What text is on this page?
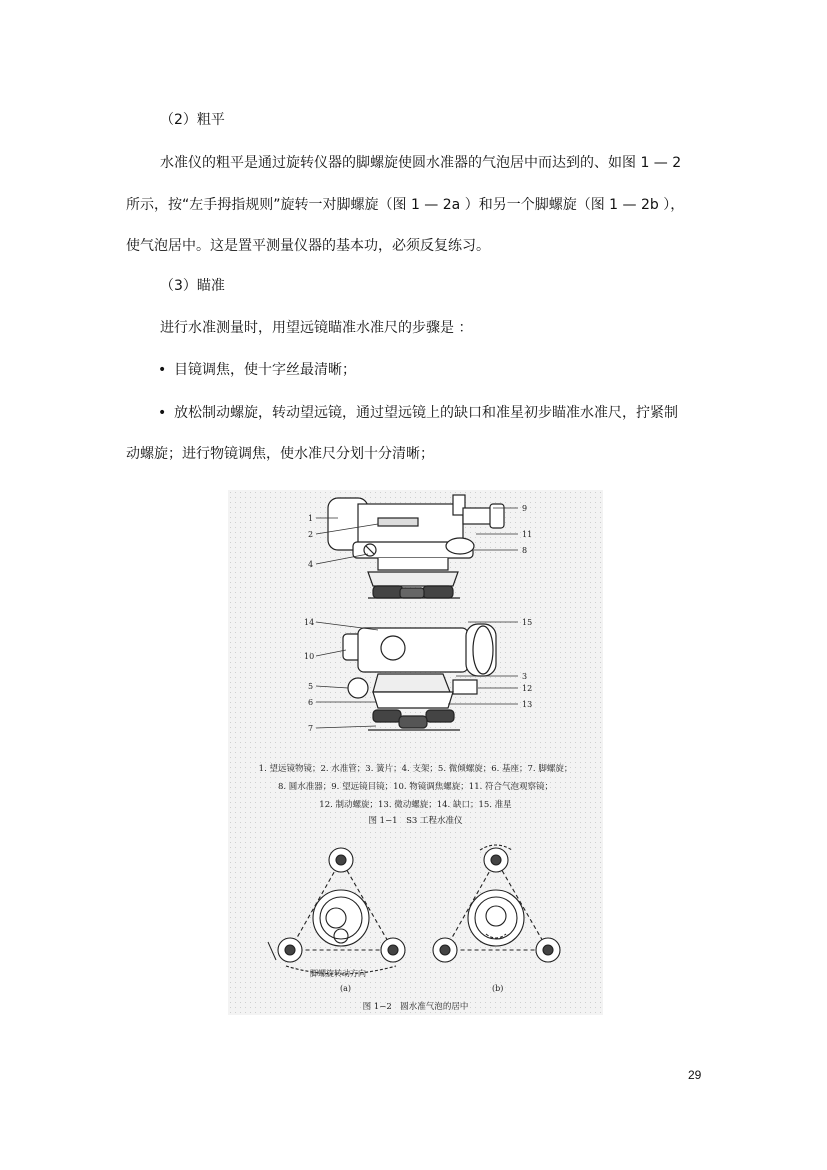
（2）粗平
水准仪的粗平是通过旋转仪器的脚螺旋使圆水准器的气泡居中而达到的、如图 1 — 2
所示，按“左手拇指规则”旋转一对脚螺旋（图 1 — 2a ）和另一个脚螺旋（图 1 — 2b ），
使气泡居中。这是置平测量仪器的基本功，必须反复练习。
（3）瞄准
进行水准测量时，用望远镜瞄准水准尺的步骤是 ：
• 目镜调焦，使十字丝最清晰；
• 放松制动螺旋，转动望远镜，通过望远镜上的缺口和准星初步瞄准水准尺，拧紧制
动螺旋；进行物镜调焦，使水准尺分划十分清晰；
1
2
4
9
11
8
14	15
10
3
5	12
6	13
7
1. 望远镜物镜；2. 水准管；3. 簧片；4. 支架；5. 微倾螺旋；6. 基座；7. 脚螺旋；
8. 圆水准器；9. 望远镜目镜；10. 物镜调焦螺旋；11. 符合气泡观察镜；
12. 制动螺旋；13. 微动螺旋；14. 缺口；15. 准星
图 1−1　S3 工程水准仪
脚螺旋转动方向
(a)	(b)
图 1−2　圆水准气泡的居中
29
